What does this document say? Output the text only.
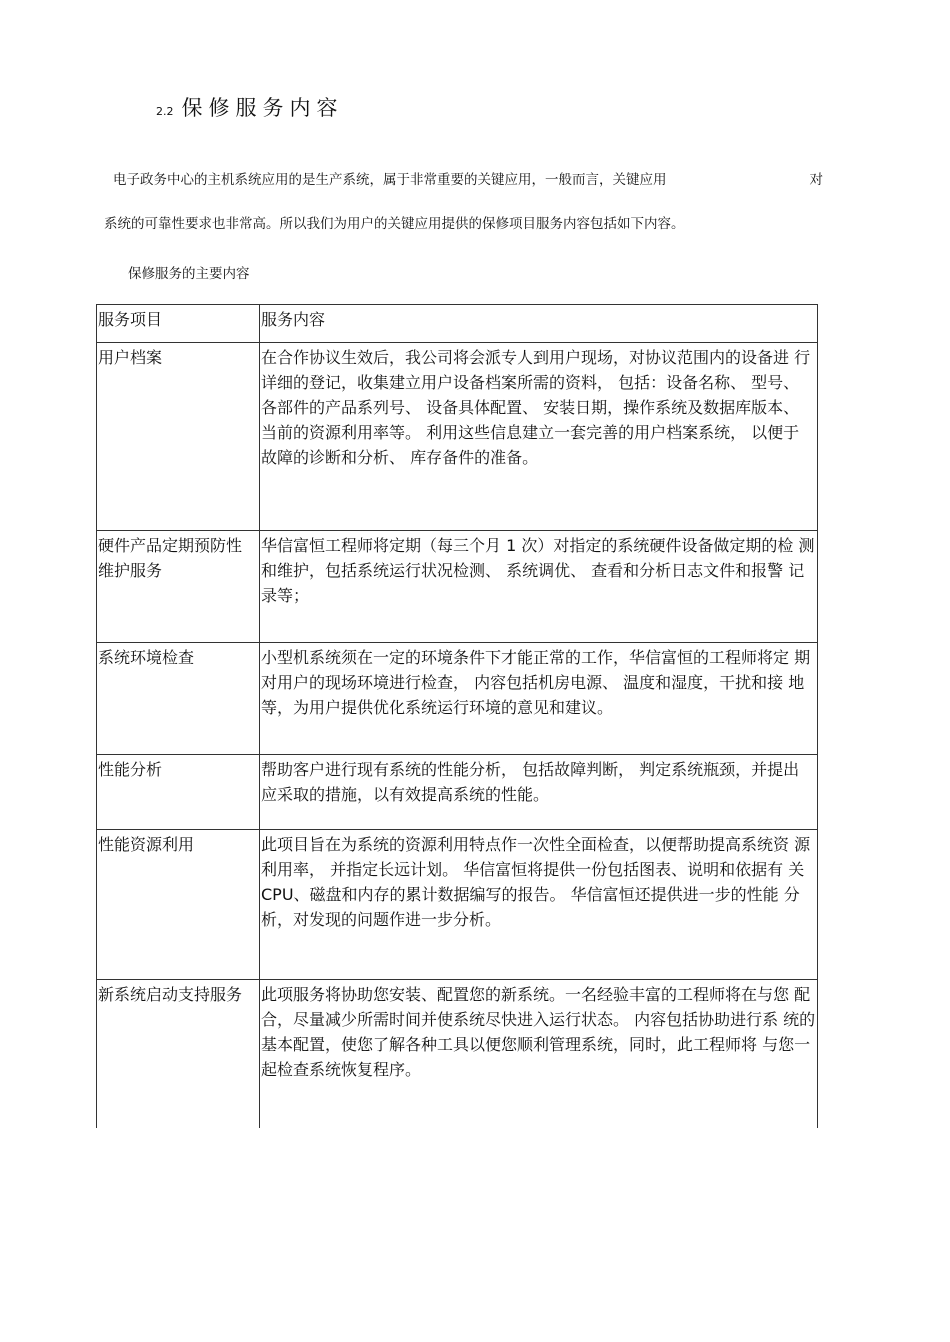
2.2 保修服务内容
电子政务中心的主机系统应用的是生产系统，属于非常重要的关键应用，一般而言，关键应用	对
系统的可靠性要求也非常高。所以我们为用户的关键应用提供的保修项目服务内容包括如下内容。
保修服务的主要内容
服务项目	服务内容
用户档案	在合作协议生效后，我公司将会派专人到用户现场，对协议范围内的设备进 行详细的登记，收集建立用户设备档案所需的资料， 包括：设备名称、 型号、 各部件的产品系列号、 设备具体配置、 安装日期，操作系统及数据库版本、 当前的资源利用率等。 利用这些信息建立一套完善的用户档案系统， 以便于 故障的诊断和分析、 库存备件的准备。
硬件产品定期预防性 维护服务	华信富恒工程师将定期（每三个月 1 次）对指定的系统硬件设备做定期的检 测和维护，包括系统运行状况检测、 系统调优、 查看和分析日志文件和报警 记录等；
系统环境检查	小型机系统须在一定的环境条件下才能正常的工作，华信富恒的工程师将定 期对用户的现场环境进行检查， 内容包括机房电源、 温度和湿度，干扰和接 地等，为用户提供优化系统运行环境的意见和建议。
性能分析	帮助客户进行现有系统的性能分析， 包括故障判断， 判定系统瓶颈，并提出 应采取的措施，以有效提高系统的性能。
性能资源利用	此项目旨在为系统的资源利用特点作一次性全面检查，以便帮助提高系统资 源利用率， 并指定长远计划。 华信富恒将提供一份包括图表、说明和依据有 关 CPU、磁盘和内存的累计数据编写的报告。 华信富恒还提供进一步的性能 分析，对发现的问题作进一步分析。
新系统启动支持服务	此项服务将协助您安装、配置您的新系统。一名经验丰富的工程师将在与您 配合，尽量减少所需时间并使系统尽快进入运行状态。 内容包括协助进行系 统的基本配置，使您了解各种工具以便您顺利管理系统，同时，此工程师将 与您一起检查系统恢复程序。
